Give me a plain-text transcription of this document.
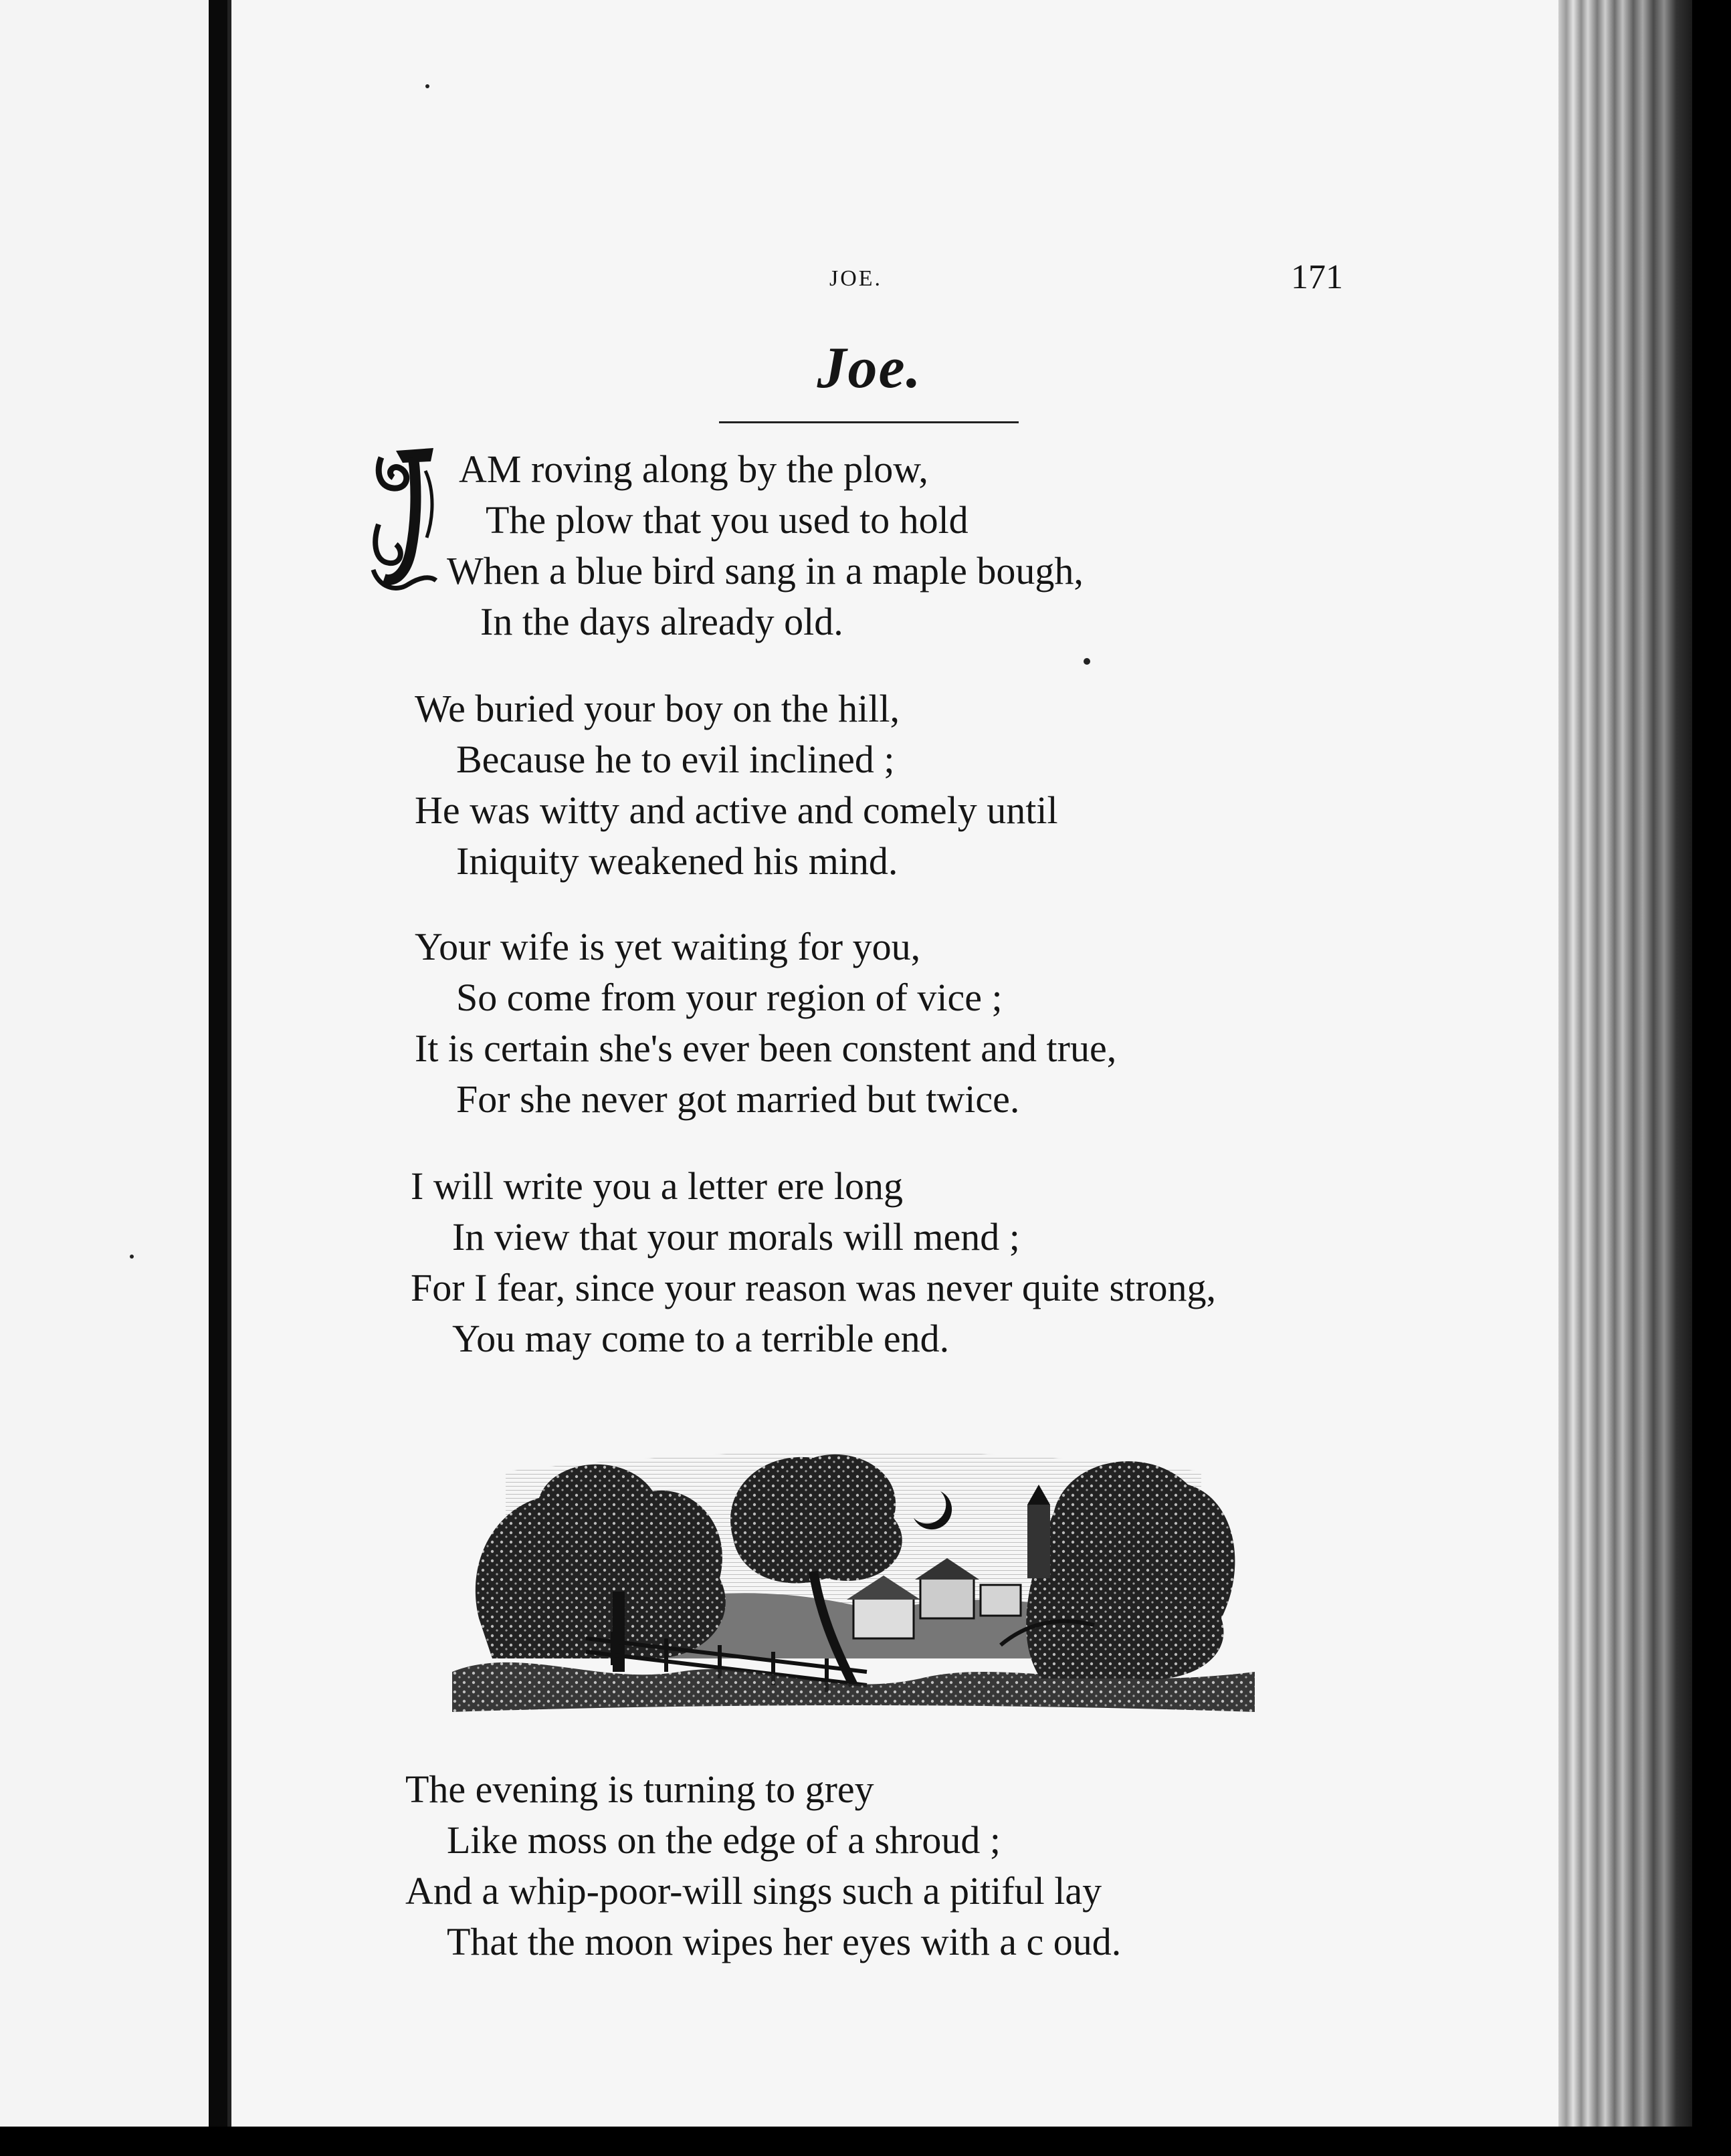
JOE.	171
Joe.
AM roving along by the plow,
The plow that you used to hold
When a blue bird sang in a maple bough,
In the days already old.
We buried your boy on the hill,
Because he to evil inclined ;
He was witty and active and comely until
Iniquity weakened his mind.
Your wife is yet waiting for you,
So come from your region of vice ;
It is certain she's ever been constent and true,
For she never got married but twice.
I will write you a letter ere long
In view that your morals will mend ;
For I fear, since your reason was never quite strong,
You may come to a terrible end.
The evening is turning to grey
Like moss on the edge of a shroud ;
And a whip-poor-will sings such a pitiful lay
That the moon wipes her eyes with a c oud.
